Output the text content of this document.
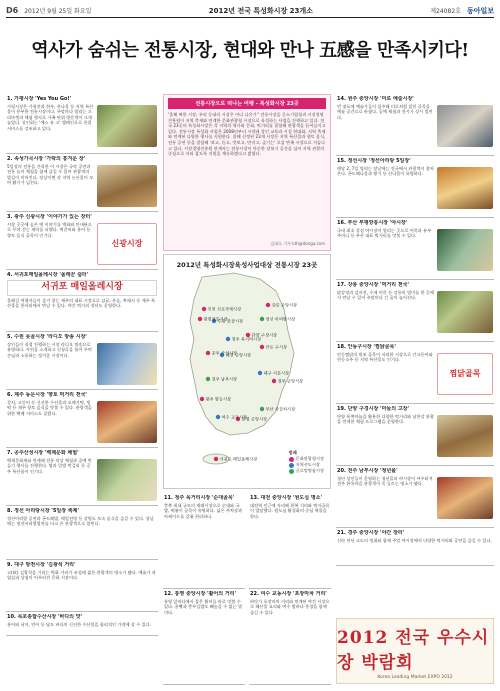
D6 2012년 9월 25일 화요일	2012년 전국 특성화시장 23개소	제24082호 동아일보
역사가 숨쉬는 전통시장, 현대와 만나 五感을 만족시키다!
1. 가평시장 'Yes You Go!'
가평시장은 가평잣과 한우, 산나물 등 지역 특산물이 풍부한 전통시장이다. 주말마다 열리는 프리마켓과 체험 행사로 가족 단위 방문객이 크게 늘었다. 상인회는 '예스 유 고' 캠페인으로 친절 서비스를 강조하고 있다.
2. 속성가곡시장 '가락의 흥겨운 장'
5일장의 전통을 간직한 이 시장은 국악 공연과 전통 놀이 체험을 함께 즐길 수 있어 관광객의 발길이 이어진다. 장날이면 각 지역 농산물이 모여 활기가 넘친다.
3. 광주 신광시장 '이야기가 있는 장터'
신광시장
시장 곳곳에 숨은 옛 이야기를 벽화와 안내판으로 꾸며 걷는 재미를 더했다. 떡갈비와 홍어 등 향토 음식 골목이 인기다.
4. 서귀포매일올레시장 '올레꾼 쉼터'
서귀포 매일올레시장
올레길 여행자들이 즐겨 찾는 제주의 대표 시장으로 감귤, 옥돔, 흑돼지 등 제주 특산물을 한자리에서 만날 수 있다. 야간 먹거리 장터도 운영한다.
5. 수원 못골시장 '라디오 방송 시장'
상인들이 직접 진행하는 시장 라디오 방송으로 유명하다. 사연을 소개하고 신청곡을 틀어 주며 손님과 소통하는 정겨운 시장이다.
6. 제주 동문시장 '향토 먹거리 천국'
갈치, 고등어 등 신선한 수산물과 오메기떡, 빙떡 등 제주 향토 음식을 맛볼 수 있다. 관광객을 위한 택배 서비스도 갖췄다.
7. 공주산성시장 '백제문화 체험'
백제문화제와 연계해 전통 의상 체험과 공예 만들기 행사를 진행한다. 밤과 알밤 막걸리 등 공주 특산품이 인기다.
8. 정선 아리랑시장 '5일장 축제'
정선아리랑 공연과 곤드레밥, 메밀전병 등 강원도 토속 음식을 즐길 수 있다. 장날에는 정선아리랑열차를 타고 온 관광객으로 붐빈다.
9. 대구 방천시장 '김광석 거리'
고(故) 김광석을 기리는 벽화 거리가 조성돼 젊은 관광객의 명소가 됐다. 예술가 작업실과 상점이 어우러진 문화 시장이다.
10. 목포종합수산시장 '바다의 맛'
홍어와 낙지, 민어 등 남도 바다의 신선한 수산물을 합리적인 가격에 살 수 있다.
전통시장으로 떠나는 여행 - 특성화시장 23곳
'올해 딱한 시장, 우리 동네의 시장은 어디 나온가'' 전통시장을 중소기업청과 시장경영진흥원이 지역 축제와 연계한 문화관광형 시장으로 육성하는 사업을 진행하고 있다. 전국 23곳의 특성화시장은 각 지역의 역사와 문화, 먹거리를 결합해 관광객을 끌어들이고 있다. 전통시장 특성화 사업은 2008년부터 시작돼 상인 교육과 시설 현대화, 지역 축제와 연계된 다양한 행사를 지원한다. 올해 선정된 23개 시장은 지역 특산물과 향토 음식, 전통 공연 등을 결합해 '보고, 듣고, 맛보고, 만지고, 즐기는' 오감 만족 시장으로 거듭나고 있다. 시장경영진흥원 관계자는 전통시장이 단순한 장보기 공간을 넘어 지역 관광의 중심으로 자리 잡도록 지원을 계속하겠다고 밝혔다.
김태호 기자 kth@donga.com
2012년 특성화시장육성사업대상 전통시장 23곳
인천 신포국제시장
수원 못골시장
광명전통시장
강릉 중앙시장
정선 아리랑시장
단양 구경시장
청주 육거리시장
안동 구시장
대전 중앙시장
공주 산성시장
전주 남부시장
대구 서문시장
경주 중앙시장
광주 양동시장
부산 자갈치시장
통영 중앙시장
여수 교동시장
서귀포 매일올레시장
범례
문화관광형시장
지역선도시장
글로벌명품시장
11. 청주 육거리시장 '순대골목'
충북 최대 규모의 재래시장으로 순대와 국밥, 떡볶이 골목이 유명하다. 넓은 주차장과 아케이드를 갖춰 편리하다.
12. 통영 중앙시장 '활어의 거리'
통영 앞바다에서 잡은 활어를 바로 맛볼 수 있다. 꿀빵과 충무김밥도 빼놓을 수 없는 별미다.
13. 대전 중앙시장 '원도심 명소'
대전역 인근에 자리해 한복 거리와 먹자골목이 발달했다. 원도심 활성화의 중심 역할을 한다.
22. 여수 교동시장 '포장마차 거리'
바닷가 포장마차 거리와 연계된 야간 시장으로 해산물 요리와 여수 밤바다 풍경을 함께 즐길 수 있다.
14. 원주 중앙시장 '미로 예술시장'
빈 점포에 예술가들이 입주해 미로처럼 얽힌 골목을 예술 공간으로 바꿨다. 공예 체험과 전시가 상시 열린다.
15. 정선시장 '정선아리랑 5일장'
매달 2, 7일 열리는 장날에는 전국에서 관광객이 찾아온다. 곤드레나물과 황기 등 산나물이 유명하다.
16. 부산 부평깡통시장 '야시장'
국내 최초 상설 야시장이 열리는 곳으로 어묵과 유부주머니 등 부산 대표 먹거리를 맛볼 수 있다.
17. 강릉 중앙시장 '먹거리 천국'
닭강정과 감자전, 수제 어묵 등 강릉의 별미를 한 곳에서 만날 수 있어 주말마다 긴 줄이 늘어선다.
18. 안동구시장 '찜닭골목'
찜닭골목
안동찜닭의 원조 골목이 자리한 시장으로 간고등어와 안동소주 등 지역 특산물도 인기다.
19. 단양 구경시장 '마늘의 고장'
단양 육쪽마늘을 활용한 다양한 먹거리와 남한강 관광을 연계한 체험 프로그램을 운영한다.
20. 전주 남부시장 '청년몰'
청년 상인들이 운영하는 청년몰과 야시장이 어우러져 전주 한옥마을 관광객이 꼭 들르는 명소가 됐다.
21. 경주 중앙시장 '야간 장터'
신라 천년 고도의 정취와 함께 주말 야시장에서 다양한 먹거리와 공연을 즐길 수 있다.
2012 전국 우수시장 박람회
Korea Leading Market EXPO 2012
